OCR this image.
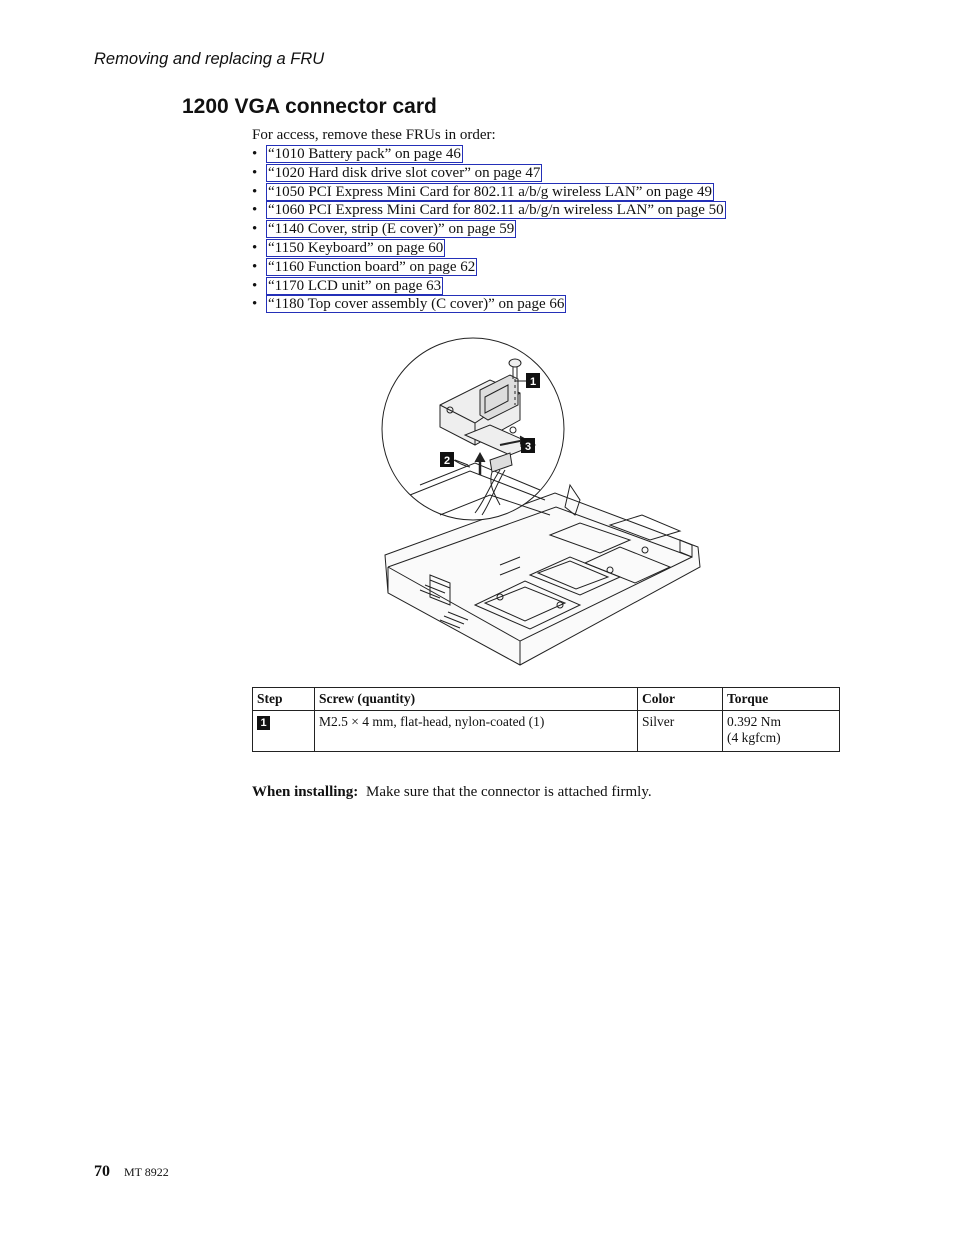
Removing and replacing a FRU
1200 VGA connector card
For access, remove these FRUs in order:
• “1010 Battery pack” on page 46
• “1020 Hard disk drive slot cover” on page 47
• “1050 PCI Express Mini Card for 802.11 a/b/g wireless LAN” on page 49
• “1060 PCI Express Mini Card for 802.11 a/b/g/n wireless LAN” on page 50
• “1140 Cover, strip (E cover)” on page 59
• “1150 Keyboard” on page 60
• “1160 Function board” on page 62
• “1170 LCD unit” on page 63
• “1180 Top cover assembly (C cover)” on page 66
1
2
3
Step	Screw (quantity)	Color	Torque
1	M2.5 × 4 mm, flat-head, nylon-coated (1)	Silver	0.392 Nm
(4 kgfcm)
When installing: Make sure that the connector is attached firmly.
70 MT 8922
